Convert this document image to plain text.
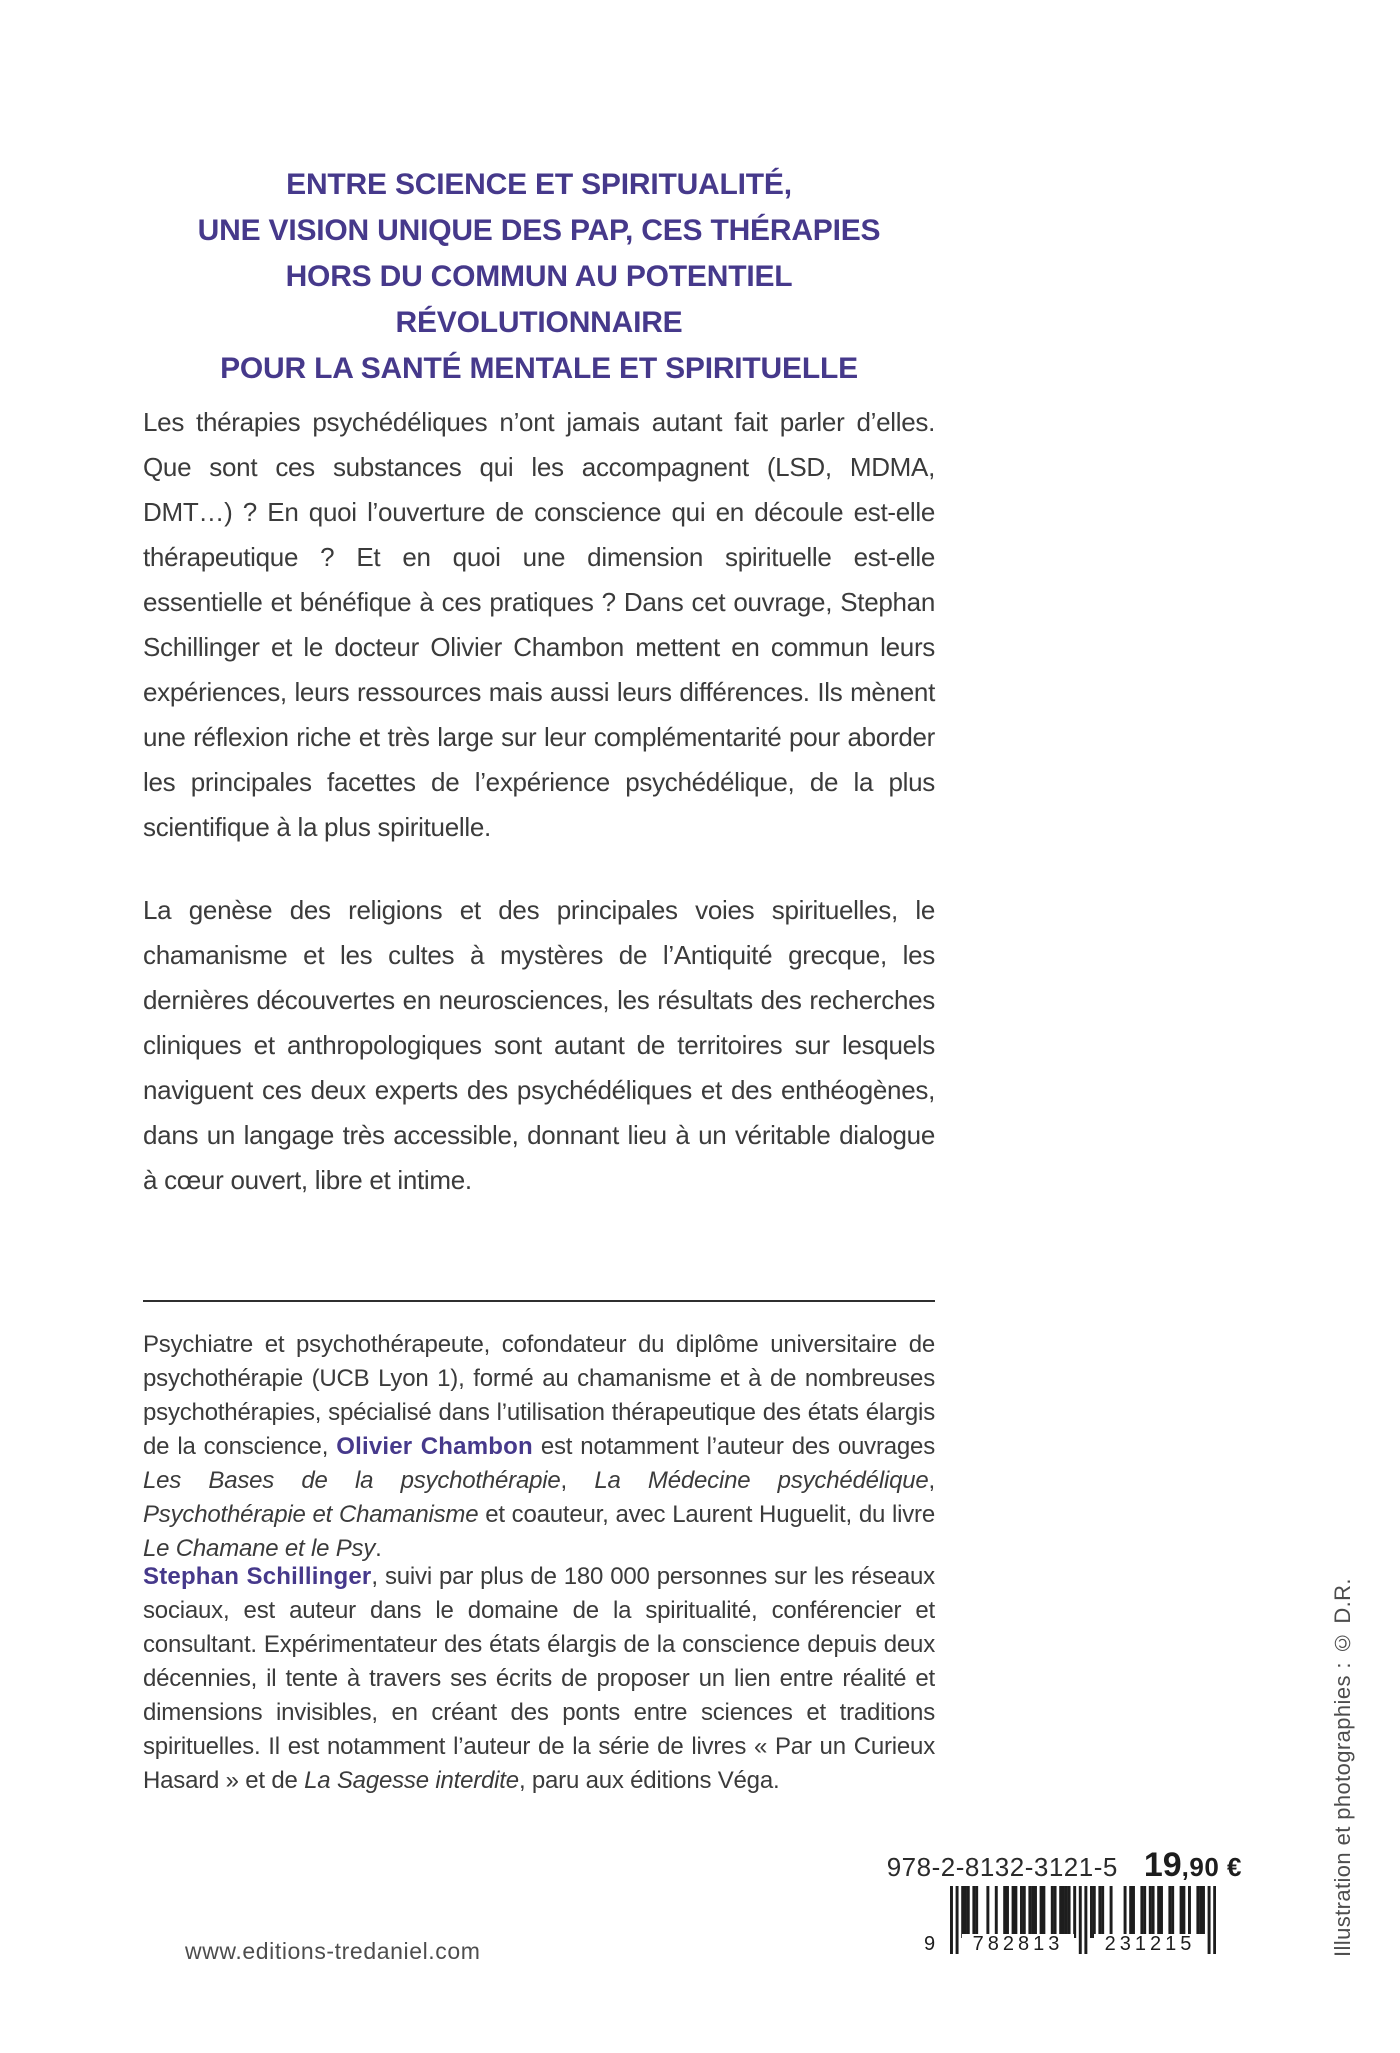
ENTRE SCIENCE ET SPIRITUALITÉ,
UNE VISION UNIQUE DES PAP, CES THÉRAPIES
HORS DU COMMUN AU POTENTIEL RÉVOLUTIONNAIRE
POUR LA SANTÉ MENTALE ET SPIRITUELLE

Les thérapies psychédéliques n’ont jamais autant fait parler d’elles. Que sont ces substances qui les accompagnent (LSD, MDMA, DMT…) ? En quoi l’ouverture de conscience qui en découle est-elle thérapeutique ? Et en quoi une dimension spirituelle est-elle essentielle et bénéfique à ces pratiques ? Dans cet ouvrage, Stephan Schillinger et le docteur Olivier Chambon mettent en commun leurs expériences, leurs ressources mais aussi leurs différences. Ils mènent une réflexion riche et très large sur leur complémentarité pour aborder les principales facettes de l’expérience psychédélique, de la plus scientifique à la plus spirituelle.

La genèse des religions et des principales voies spirituelles, le chamanisme et les cultes à mystères de l’Antiquité grecque, les dernières découvertes en neurosciences, les résultats des recherches cliniques et anthropologiques sont autant de territoires sur lesquels naviguent ces deux experts des psychédéliques et des enthéogènes, dans un langage très accessible, donnant lieu à un véritable dialogue à cœur ouvert, libre et intime.

Psychiatre et psychothérapeute, cofondateur du diplôme universitaire de psychothérapie (UCB Lyon 1), formé au chamanisme et à de nombreuses psychothérapies, spécialisé dans l’utilisation thérapeutique des états élargis de la conscience, Olivier Chambon est notamment l’auteur des ouvrages Les Bases de la psychothérapie, La Médecine psychédélique, Psychothérapie et Chamanisme et coauteur, avec Laurent Huguelit, du livre Le Chamane et le Psy.

Stephan Schillinger, suivi par plus de 180 000 personnes sur les réseaux sociaux, est auteur dans le domaine de la spiritualité, conférencier et consultant. Expérimentateur des états élargis de la conscience depuis deux décennies, il tente à travers ses écrits de proposer un lien entre réalité et dimensions invisibles, en créant des ponts entre sciences et traditions spirituelles. Il est notamment l’auteur de la série de livres « Par un Curieux Hasard » et de La Sagesse interdite, paru aux éditions Véga.

978-2-8132-3121-5 19,90 €
9	782813	231215
www.editions-tredaniel.com	Illustration et photographies : © D.R.
